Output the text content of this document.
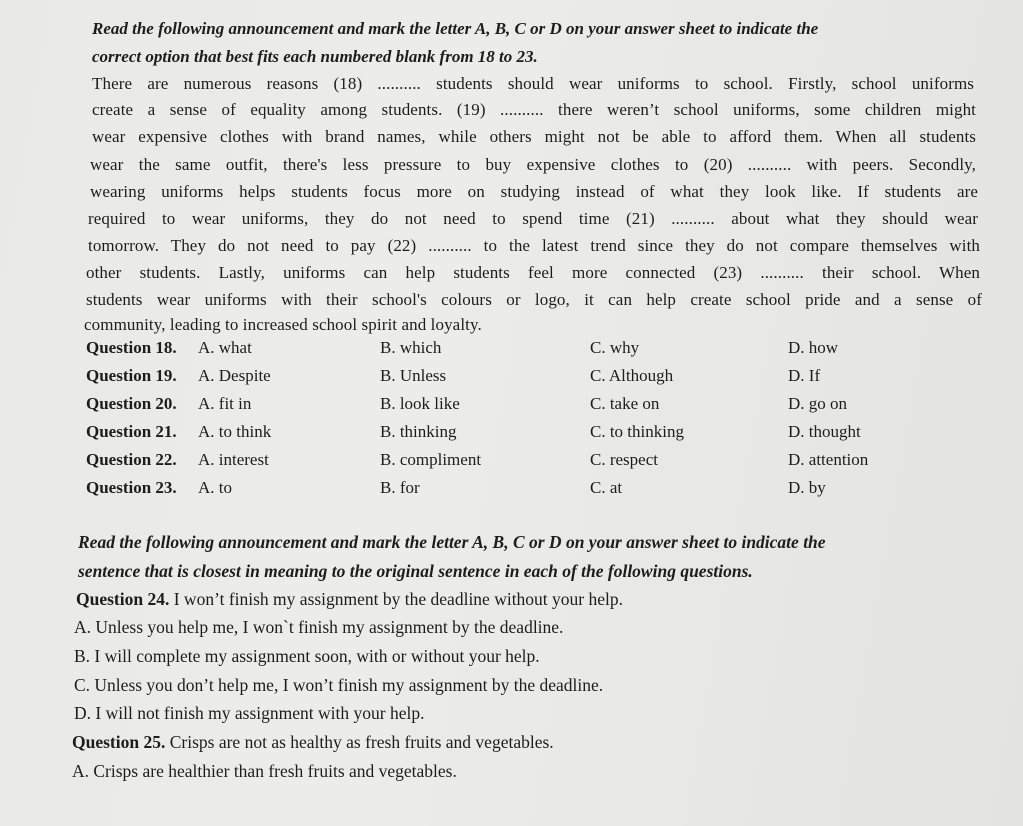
Read the following announcement and mark the letter A, B, C or D on your answer sheet to indicate the
correct option that best fits each numbered blank from 18 to 23.
There are numerous reasons (18) .......... students should wear uniforms to school. Firstly, school uniforms
create a sense of equality among students. (19) .......... there weren’t school uniforms, some children might
wear expensive clothes with brand names, while others might not be able to afford them. When all students
wear the same outfit, there's less pressure to buy expensive clothes to (20) .......... with peers. Secondly,
wearing uniforms helps students focus more on studying instead of what they look like. If students are
required to wear uniforms, they do not need to spend time (21) .......... about what they should wear
tomorrow. They do not need to pay (22) .......... to the latest trend since they do not compare themselves with
other students. Lastly, uniforms can help students feel more connected (23) .......... their school. When
students wear uniforms with their school's colours or logo, it can help create school pride and a sense of
community, leading to increased school spirit and loyalty.
Question 18. A. what	B. which	C. why	D. how
Question 19. A. Despite	B. Unless	C. Although	D. If
Question 20. A. fit in	B. look like	C. take on	D. go on
Question 21. A. to think	B. thinking	C. to thinking	D. thought
Question 22. A. interest	B. compliment	C. respect	D. attention
Question 23. A. to	B. for	C. at	D. by
Read the following announcement and mark the letter A, B, C or D on your answer sheet to indicate the
sentence that is closest in meaning to the original sentence in each of the following questions.
Question 24. I won’t finish my assignment by the deadline without your help.
A. Unless you help me, I won`t finish my assignment by the deadline.
B. I will complete my assignment soon, with or without your help.
C. Unless you don’t help me, I won’t finish my assignment by the deadline.
D. I will not finish my assignment with your help.
Question 25. Crisps are not as healthy as fresh fruits and vegetables.
A. Crisps are healthier than fresh fruits and vegetables.
